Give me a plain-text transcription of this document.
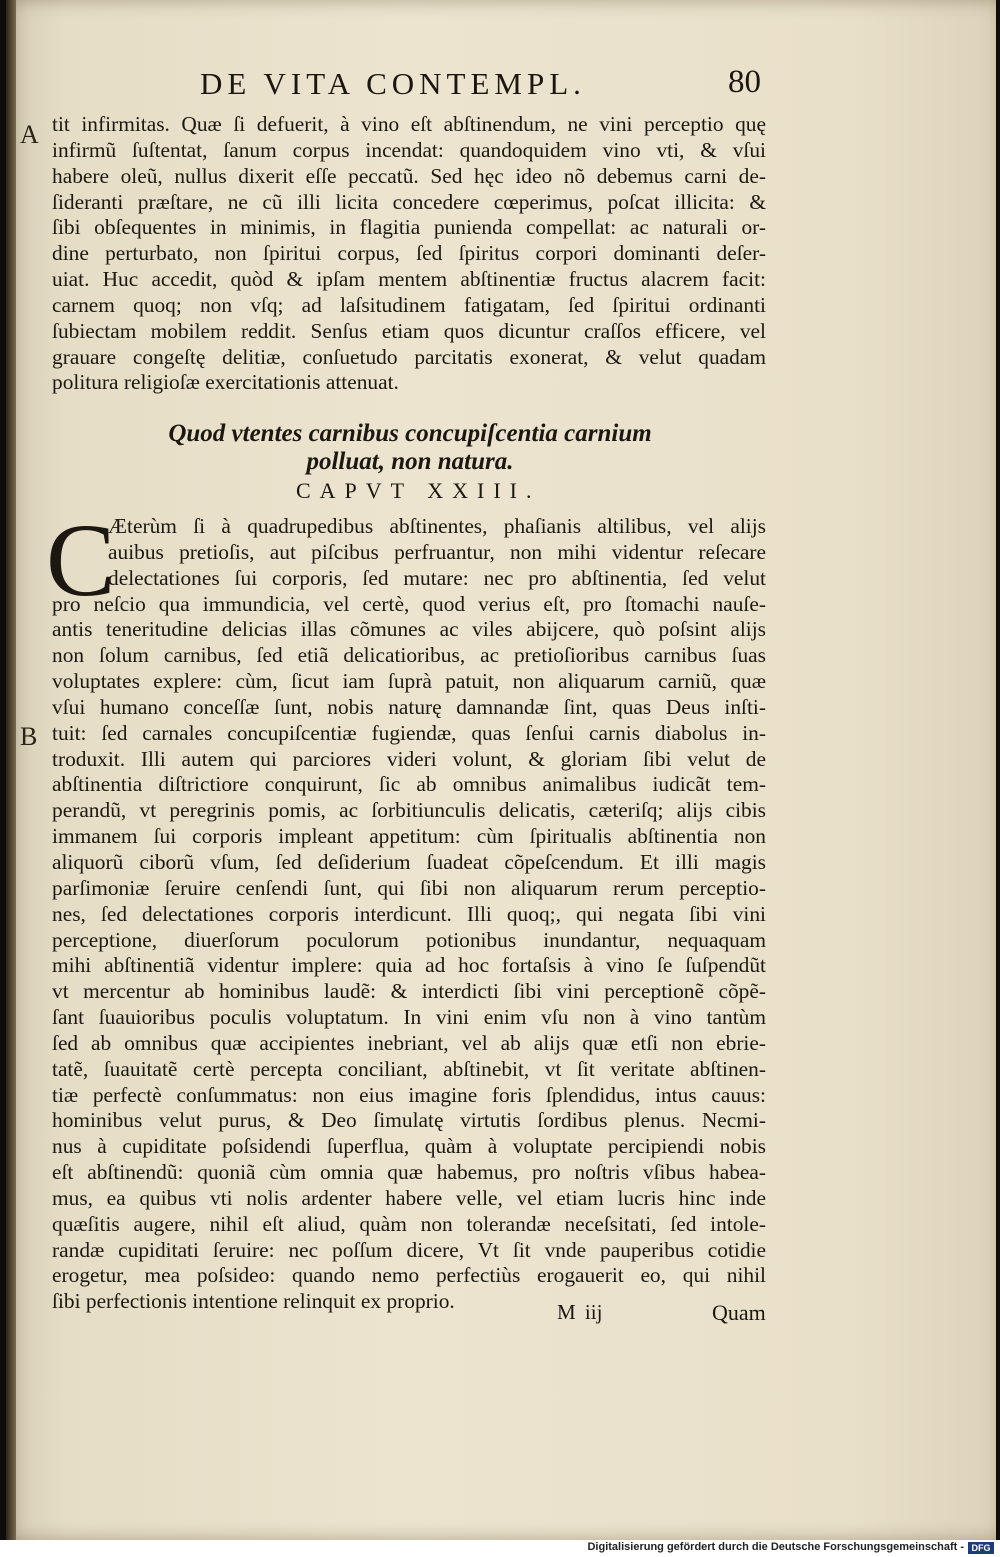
DE VITA CONTEMPL.	80
A
B
tit infirmitas. Quæ ſi defuerit, à vino eſt abſtinendum, ne vini perceptio quę
infirmũ ſuſtentat, ſanum corpus incendat: quandoquidem vino vti, & vſui
habere oleũ, nullus dixerit eſſe peccatũ. Sed hęc ideo nõ debemus carni de-
ſideranti præſtare, ne cũ illi licita concedere cœperimus, poſcat illicita: &
ſibi obſequentes in minimis, in flagitia punienda compellat: ac naturali or-
dine perturbato, non ſpiritui corpus, ſed ſpiritus corpori dominanti deſer-
uiat. Huc accedit, quòd & ipſam mentem abſtinentiæ fructus alacrem facit:
carnem quoq; non vſq; ad laſsitudinem fatigatam, ſed ſpiritui ordinanti
ſubiectam mobilem reddit. Senſus etiam quos dicuntur craſſos efficere, vel
grauare congeſtę delitiæ, conſuetudo parcitatis exonerat, & velut quadam
politura religioſæ exercitationis attenuat.
Quod vtentes carnibus concupiſcentia carnium
polluat, non natura.
CAPVT XXIII.
C
Æterùm ſi à quadrupedibus abſtinentes, phaſianis altilibus, vel alijs
auibus pretioſis, aut piſcibus perfruantur, non mihi videntur reſecare
delectationes ſui corporis, ſed mutare: nec pro abſtinentia, ſed velut
pro neſcio qua immundicia, vel certè, quod verius eſt, pro ſtomachi nauſe-
antis teneritudine delicias illas cõmunes ac viles abijcere, quò poſsint alijs
non ſolum carnibus, ſed etiã delicatioribus, ac pretioſioribus carnibus ſuas
voluptates explere: cùm, ſicut iam ſuprà patuit, non aliquarum carniũ, quæ
vſui humano conceſſæ ſunt, nobis naturę damnandæ ſint, quas Deus inſti-
tuit: ſed carnales concupiſcentiæ fugiendæ, quas ſenſui carnis diabolus in-
troduxit. Illi autem qui parciores videri volunt, & gloriam ſibi velut de
abſtinentia diſtrictiore conquirunt, ſic ab omnibus animalibus iudicãt tem-
perandũ, vt peregrinis pomis, ac ſorbitiunculis delicatis, cæteriſq; alijs cibis
immanem ſui corporis impleant appetitum: cùm ſpiritualis abſtinentia non
aliquorũ ciborũ vſum, ſed deſiderium ſuadeat cõpeſcendum. Et illi magis
parſimoniæ ſeruire cenſendi ſunt, qui ſibi non aliquarum rerum perceptio-
nes, ſed delectationes corporis interdicunt. Illi quoq;, qui negata ſibi vini
perceptione, diuerſorum poculorum potionibus inundantur, nequaquam
mihi abſtinentiã videntur implere: quia ad hoc fortaſsis à vino ſe ſuſpendũt
vt mercentur ab hominibus laudẽ: & interdicti ſibi vini perceptionẽ cõpẽ-
ſant ſuauioribus poculis voluptatum. In vini enim vſu non à vino tantùm
ſed ab omnibus quæ accipientes inebriant, vel ab alijs quæ etſi non ebrie-
tatẽ, ſuauitatẽ certè percepta conciliant, abſtinebit, vt ſit veritate abſtinen-
tiæ perfectè conſummatus: non eius imagine foris ſplendidus, intus cauus:
hominibus velut purus, & Deo ſimulatę virtutis ſordibus plenus. Necmi-
nus à cupiditate poſsidendi ſuperflua, quàm à voluptate percipiendi nobis
eſt abſtinendũ: quoniã cùm omnia quæ habemus, pro noſtris vſibus habea-
mus, ea quibus vti nolis ardenter habere velle, vel etiam lucris hinc inde
quæſitis augere, nihil eſt aliud, quàm non tolerandæ neceſsitati, ſed intole-
randæ cupiditati ſeruire: nec poſſum dicere, Vt ſit vnde pauperibus cotidie
erogetur, mea poſsideo: quando nemo perfectiùs erogauerit eo, qui nihil
ſibi perfectionis intentione relinquit ex proprio.	M iij	Quam
Digitalisierung gefördert durch die Deutsche Forschungsgemeinschaft - DFG
